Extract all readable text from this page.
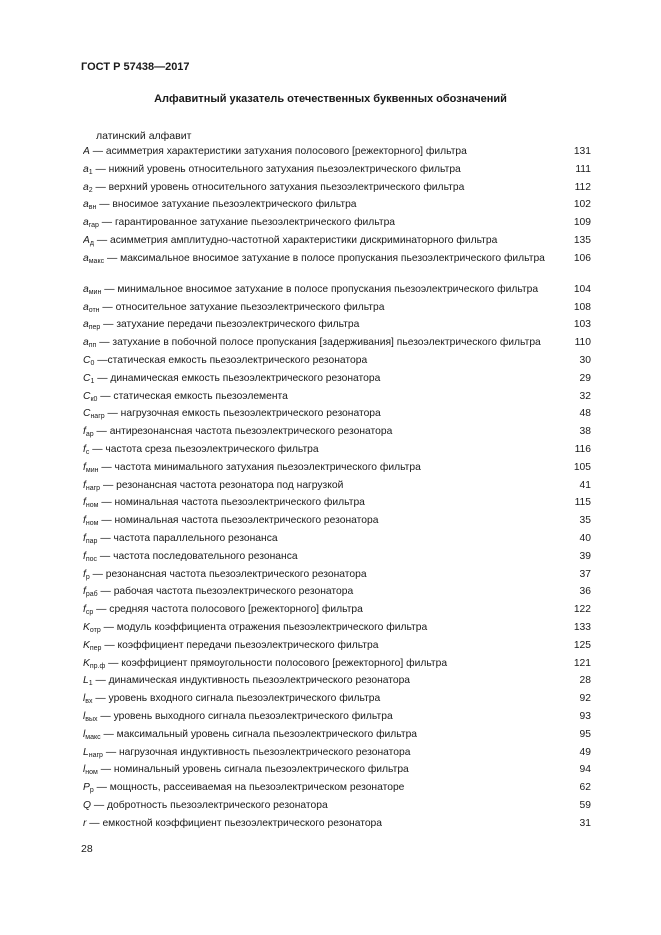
ГОСТ Р 57438—2017
Алфавитный указатель отечественных буквенных обозначений
латинский алфавит
A — асимметрия характеристики затухания полосового [режекторного] фильтра	131
$a_1$ — нижний уровень относительного затухания пьезоэлектрического фильтра	111
$a_2$ — верхний уровень относительного затухания пьезоэлектрического фильтра	112
$a_{вн}$ — вносимое затухание пьезоэлектрического фильтра	102
$a_{гар}$ — гарантированное затухание пьезоэлектрического фильтра	109
$A_д$ — асимметрия амплитудно-частотной характеристики дискриминаторного фильтра	135
$a_{макс}$ — максимальное вносимое затухание в полосе пропускания пьезоэлектрического фильтра	106
$a_{мин}$ — минимальное вносимое затухание в полосе пропускания пьезоэлектрического фильтра	104
$a_{отн}$ — относительное затухание пьезоэлектрического фильтра	108
$a_{пер}$ — затухание передачи пьезоэлектрического фильтра	103
$a_{пп}$ — затухание в побочной полосе пропускания [задерживания] пьезоэлектрического фильтра	110
$C_0$ —статическая емкость пьезоэлектрического резонатора	30
$C_1$ — динамическая емкость пьезоэлектрического резонатора	29
$C_{к0}$ — статическая емкость пьезоэлемента	32
$C_{нагр}$ — нагрузочная емкость пьезоэлектрического резонатора	48
$f_{ар}$ — антирезонансная частота пьезоэлектрического резонатора	38
$f_с$ — частота среза пьезоэлектрического фильтра	116
$f_{мин}$ — частота минимального затухания пьезоэлектрического фильтра	105
$f_{нагр}$ — резонансная частота резонатора под нагрузкой	41
$f_{ном}$ — номинальная частота пьезоэлектрического фильтра	115
$f_{ном}$ — номинальная частота пьезоэлектрического резонатора	35
$f_{пар}$ — частота параллельного резонанса	40
$f_{пос}$ — частота последовательного резонанса	39
$f_р$ — резонансная частота пьезоэлектрического резонатора	37
$f_{раб}$ — рабочая частота пьезоэлектрического резонатора	36
$f_{ср}$ — средняя частота полосового [режекторного] фильтра	122
$K_{отр}$ — модуль коэффициента отражения пьезоэлектрического фильтра	133
$K_{пер}$ — коэффициент передачи пьезоэлектрического фильтра	125
$K_{пр.ф}$ — коэффициент прямоугольности полосового [режекторного] фильтра	121
$L_1$ — динамическая индуктивность пьезоэлектрического резонатора	28
$l_{вх}$ — уровень входного сигнала пьезоэлектрического фильтра	92
$l_{вых}$ — уровень выходного сигнала пьезоэлектрического фильтра	93
$l_{макс}$ — максимальный уровень сигнала пьезоэлектрического фильтра	95
$L_{нагр}$ — нагрузочная индуктивность пьезоэлектрического резонатора	49
$l_{ном}$ — номинальный уровень сигнала пьезоэлектрического фильтра	94
$P_р$ — мощность, рассеиваемая на пьезоэлектрическом резонаторе	62
Q — добротность пьезоэлектрического резонатора	59
r — емкостной коэффициент пьезоэлектрического резонатора	31
28
